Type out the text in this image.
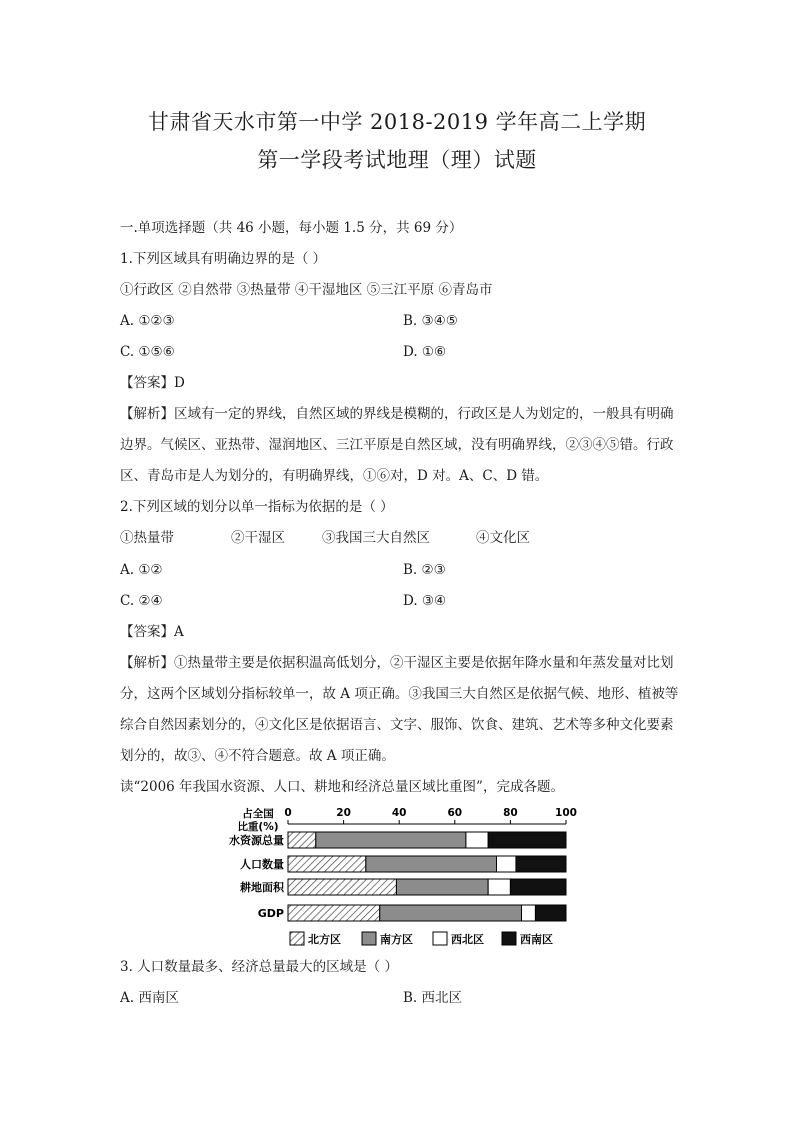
甘肃省天水市第一中学 2018-2019 学年高二上学期
第一学段考试地理（理）试题
一.单项选择题（共 46 小题，每小题 1.5 分，共 69 分）
1.下列区域具有明确边界的是（ ）
①行政区 ②自然带 ③热量带 ④干湿地区 ⑤三江平原 ⑥青岛市
A. ①②③	B. ③④⑤
C. ①⑤⑥	D. ①⑥
【答案】D
【解析】区域有一定的界线，自然区域的界线是模糊的，行政区是人为划定的，一般具有明确边界。气候区、亚热带、湿润地区、三江平原是自然区域，没有明确界线，②③④⑤错。行政区、青岛市是人为划分的，有明确界线，①⑥对，D 对。A、C、D 错。
2.下列区域的划分以单一指标为依据的是（ ）
①热量带	②干湿区	③我国三大自然区	④文化区
A. ①②	B. ②③
C. ②④	D. ③④
【答案】A
【解析】①热量带主要是依据积温高低划分，②干湿区主要是依据年降水量和年蒸发量对比划分，这两个区域划分指标较单一，故 A 项正确。③我国三大自然区是依据气候、地形、植被等综合自然因素划分的，④文化区是依据语言、文字、服饰、饮食、建筑、艺术等多种文化要素划分的，故③、④不符合题意。故 A 项正确。
读“2006 年我国水资源、人口、耕地和经济总量区域比重图”，完成各题。
占全国
比重(%)
0	20	40	60	80	100
水资源总量
人口数量
耕地面积
GDP
北方区	南方区	西北区	西南区
3. 人口数量最多、经济总量最大的区域是（ ）
A. 西南区	B. 西北区
